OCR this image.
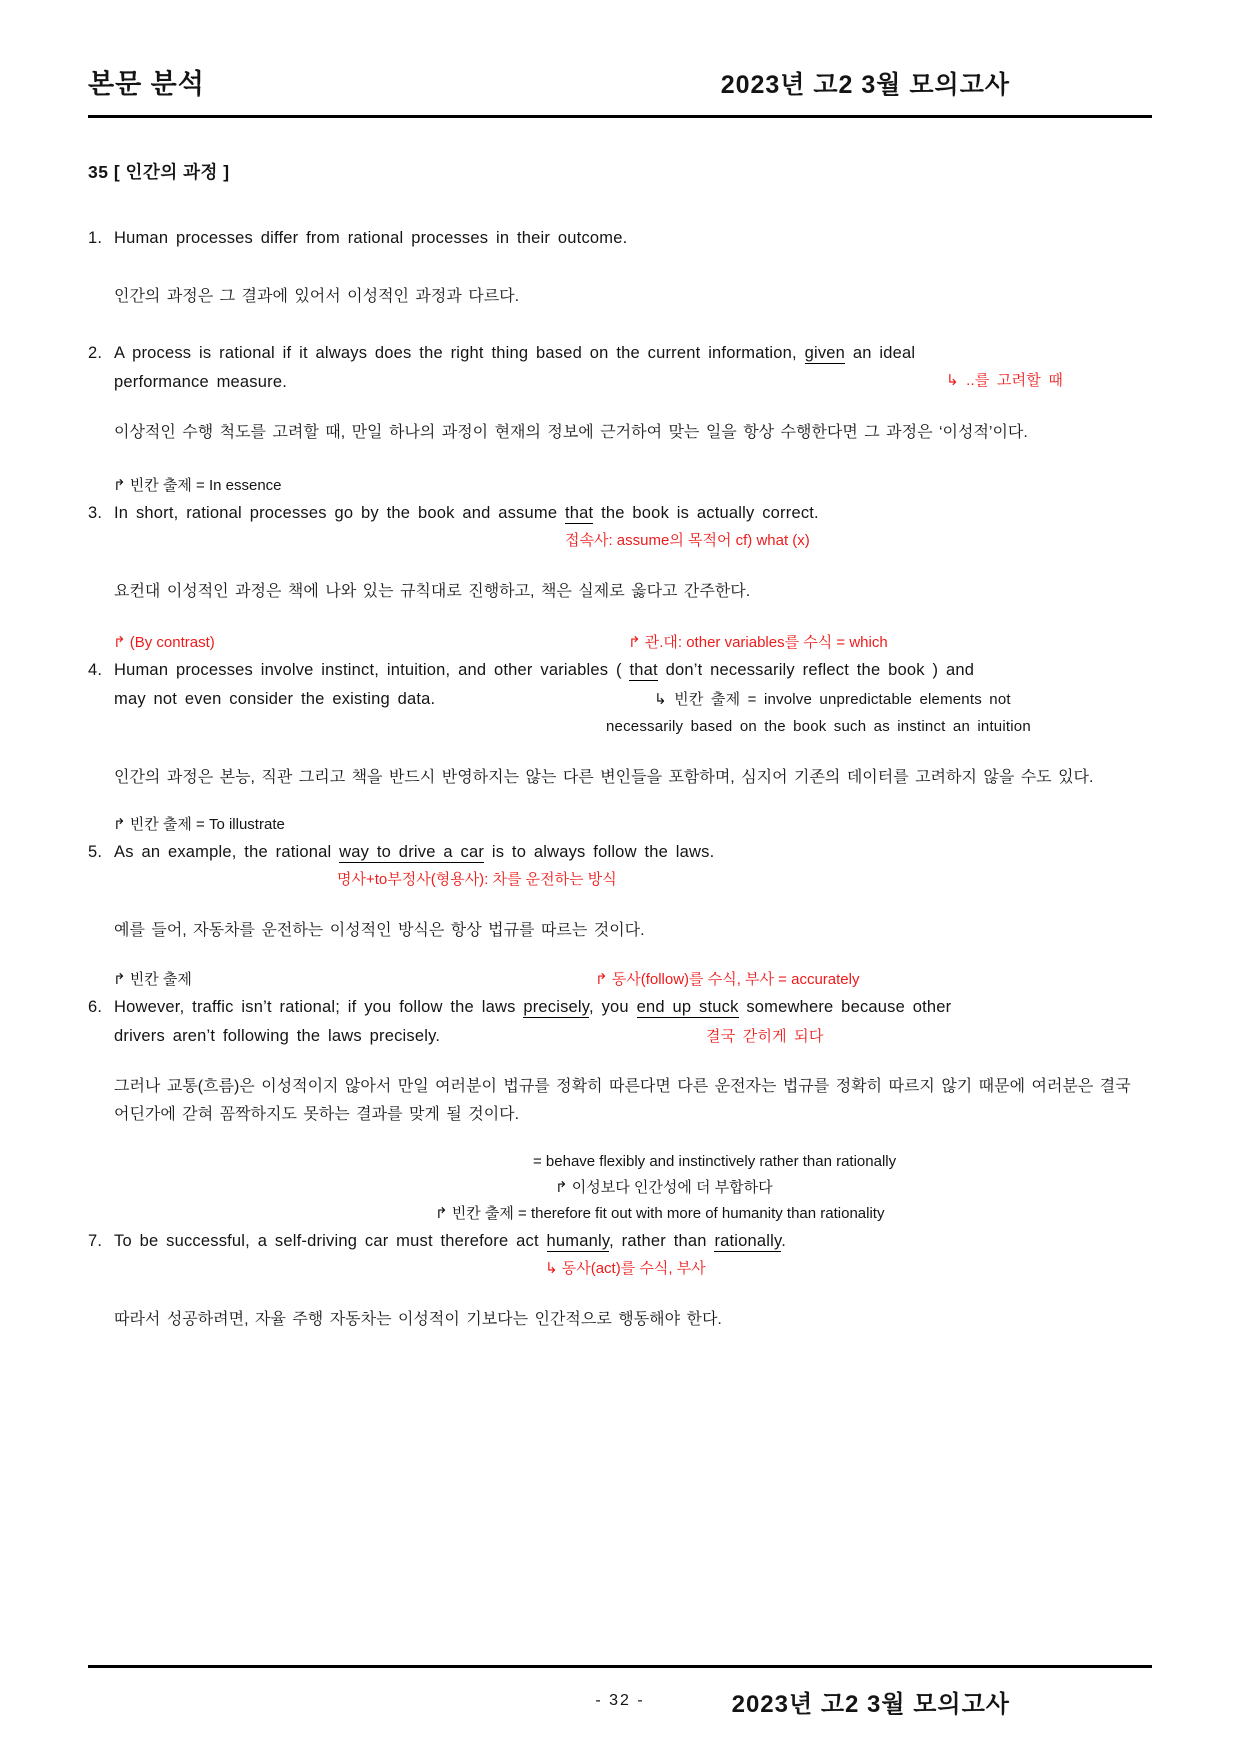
본문 분석	2023년 고2 3월 모의고사
35 [ 인간의 과정 ]
1. Human processes differ from rational processes in their outcome.
인간의 과정은 그 결과에 있어서 이성적인 과정과 다르다.
2. A process is rational if it always does the right thing based on the current information, given an ideal
performance measure.	↳ ..를 고려할 때
이상적인 수행 척도를 고려할 때, 만일 하나의 과정이 현재의 정보에 근거하여 맞는 일을 항상 수행한다면 그 과정은 ‘이성적’이다.
↱ 빈칸 출제 = In essence
3. In short, rational processes go by the book and assume that the book is actually correct.
접속사: assume의 목적어 cf) what (x)
요컨대 이성적인 과정은 책에 나와 있는 규칙대로 진행하고, 책은 실제로 옳다고 간주한다.
↱ (By contrast)	↱ 관.대: other variables를 수식 = which
4. Human processes involve instinct, intuition, and other variables ( that don’t necessarily reflect the book ) and
may not even consider the existing data.	↳ 빈칸 출제 = involve unpredictable elements not
necessarily based on the book such as instinct an intuition
인간의 과정은 본능, 직관 그리고 책을 반드시 반영하지는 않는 다른 변인들을 포함하며, 심지어 기존의 데이터를 고려하지 않을 수도 있다.
↱ 빈칸 출제 = To illustrate
5. As an example, the rational way to drive a car is to always follow the laws.
명사+to부정사(형용사): 차를 운전하는 방식
예를 들어, 자동차를 운전하는 이성적인 방식은 항상 법규를 따르는 것이다.
↱ 빈칸 출제	↱ 동사(follow)를 수식, 부사 = accurately
6. However, traffic isn’t rational; if you follow the laws precisely, you end up stuck somewhere because other
drivers aren’t following the laws precisely.	결국 갇히게 되다
그러나 교통(흐름)은 이성적이지 않아서 만일 여러분이 법규를 정확히 따른다면 다른 운전자는 법규를 정확히 따르지 않기 때문에 여러분은 결국 어딘가에 갇혀 꼼짝하지도 못하는 결과를 맞게 될 것이다.
= behave flexibly and instinctively rather than rationally
↱ 이성보다 인간성에 더 부합하다
↱ 빈칸 출제 = therefore fit out with more of humanity than rationality
7. To be successful, a self-driving car must therefore act humanly, rather than rationally.
↳ 동사(act)를 수식, 부사
따라서 성공하려면, 자율 주행 자동차는 이성적이 기보다는 인간적으로 행동해야 한다.
- 32 -	2023년 고2 3월 모의고사
